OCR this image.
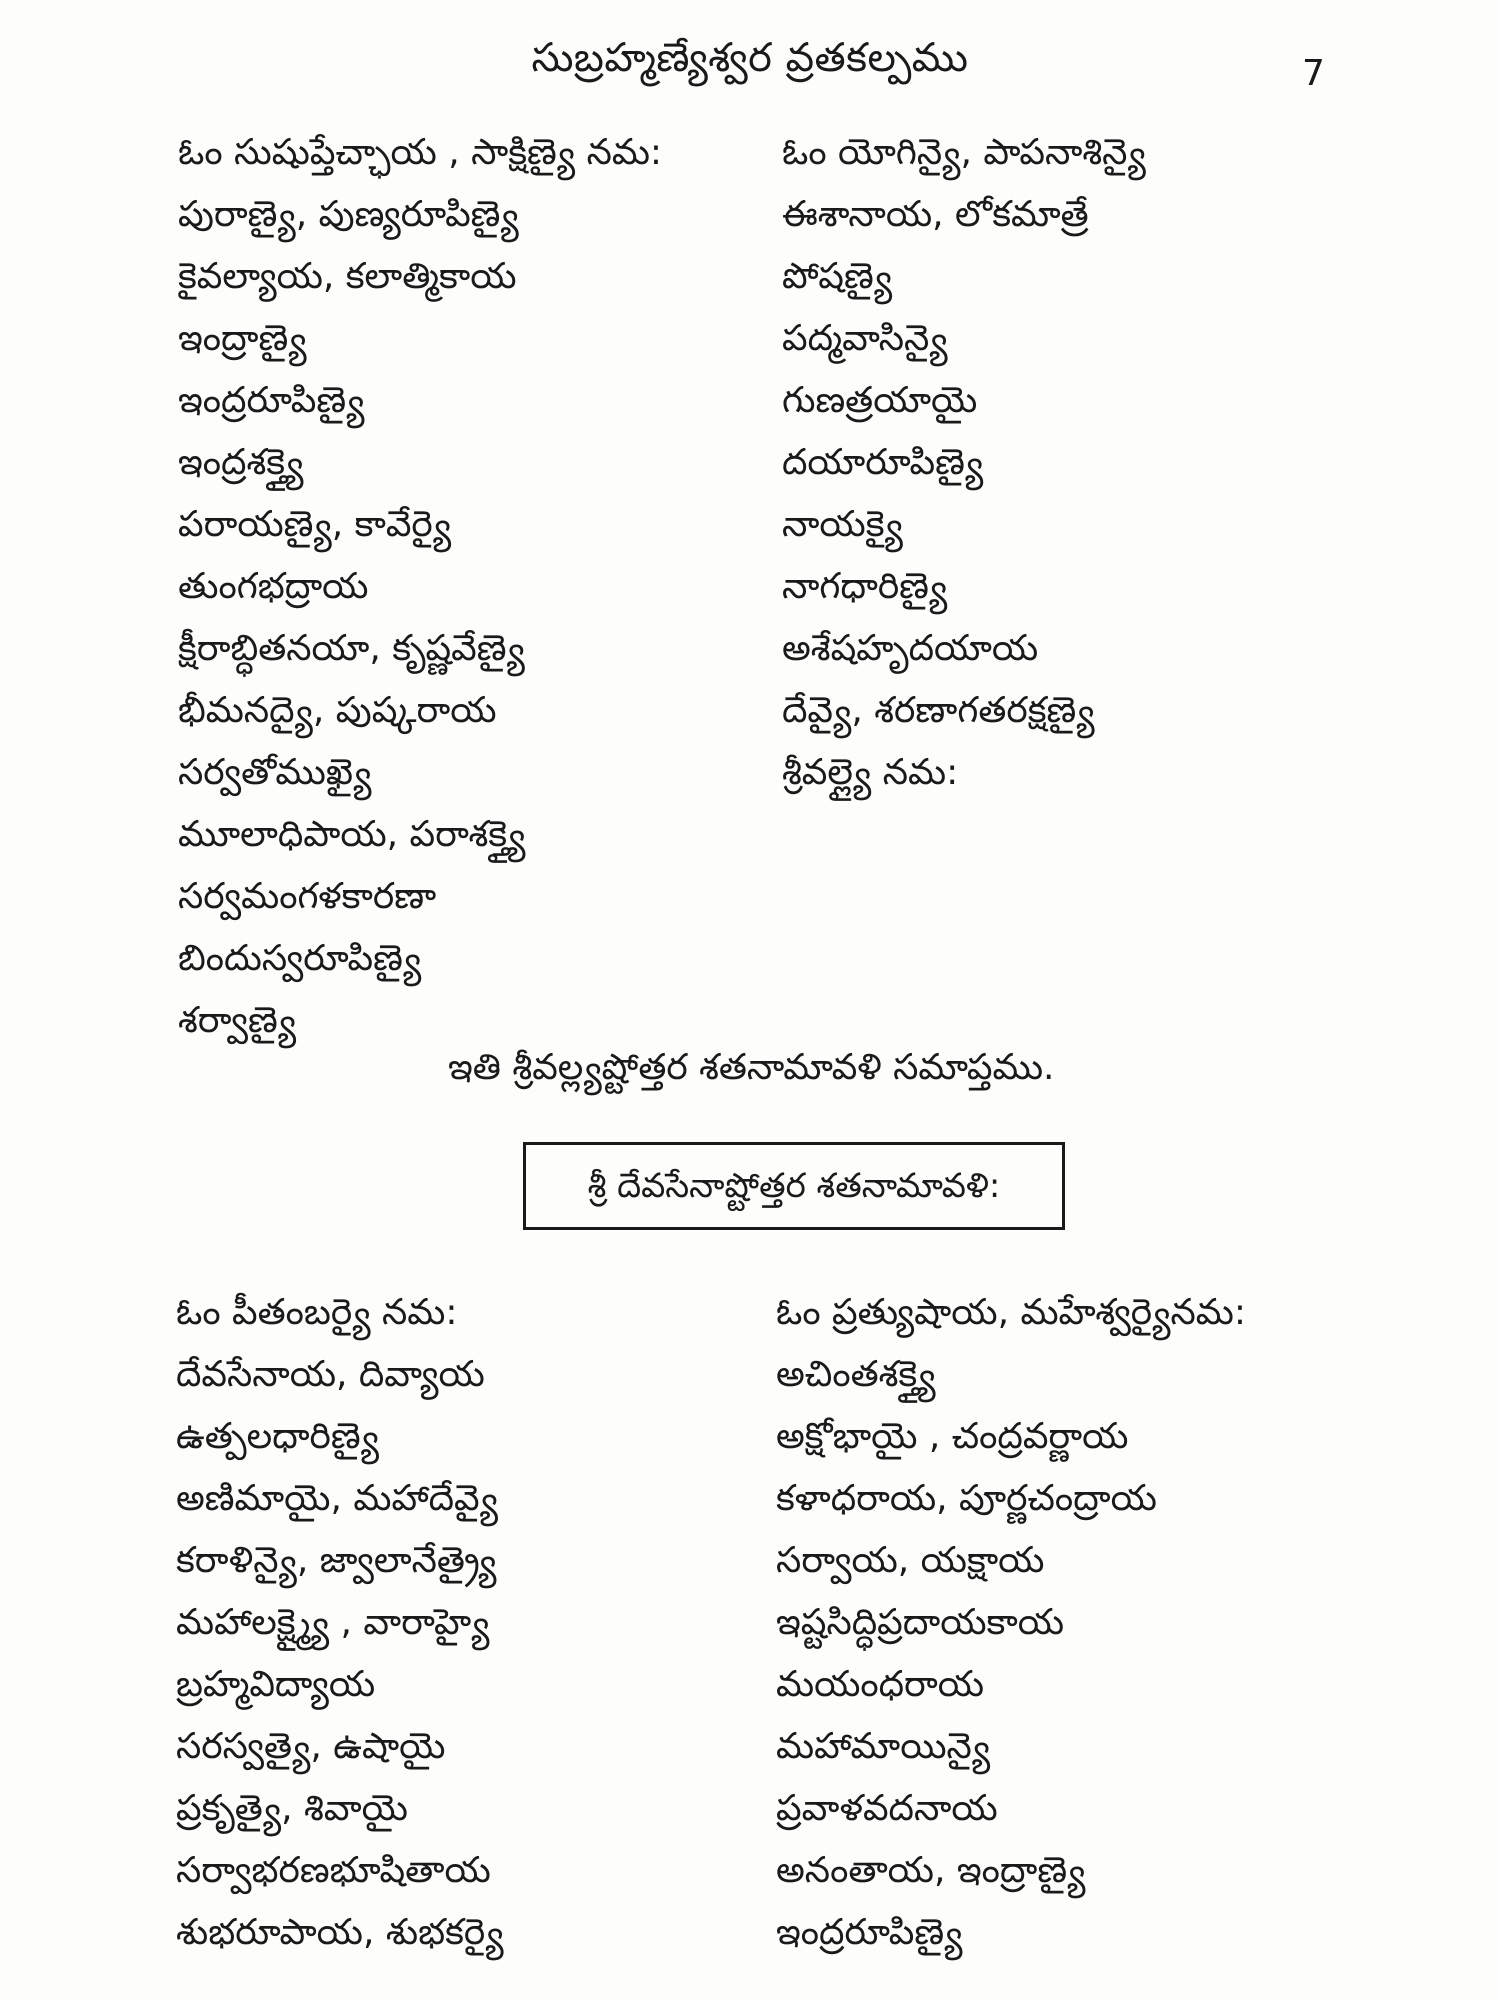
సుబ్రహ్మణ్యేశ్వర వ్రతకల్పము	7
ఓం సుషుప్తేచ్ఛాయ , సాక్షిణ్యై నమ:
పురాణ్యై, పుణ్యరూపిణ్యై
కైవల్యాయ, కలాత్మికాయ
ఇంద్రాణ్యై
ఇంద్రరూపిణ్యై
ఇంద్రశక్త్యై
పరాయణ్యై, కావేర్యై
తుంగభద్రాయ
క్షీరాబ్ధితనయా, కృష్ణవేణ్యై
భీమనద్యై, పుష్కరాయ
సర్వతోముఖ్యై
మూలాధిపాయ, పరాశక్త్యై
సర్వమంగళకారణా
బిందుస్వరూపిణ్యై
శర్వాణ్యై
ఓం యోగిన్యై, పాపనాశిన్యై
ఈశానాయ, లోకమాత్రే
పోషణ్యై
పద్మవాసిన్యై
గుణత్రయాయై
దయారూపిణ్యై
నాయక్యై
నాగధారిణ్యై
అశేషహృదయాయ
దేవ్యై, శరణాగతరక్షణ్యై
శ్రీవల్ల్యై నమ:
ఇతి శ్రీవల్ల్యష్టోత్తర శతనామావళి సమాప్తము.
శ్రీ దేవసేనాష్టోత్తర శతనామావళి:
ఓం పీతంబర్యై నమ:
దేవసేనాయ, దివ్యాయ
ఉత్పలధారిణ్యై
అణిమాయై, మహాదేవ్యై
కరాళిన్యై, జ్వాలానేత్ర్యై
మహాలక్ష్మ్యై , వారాహ్యై
బ్రహ్మవిద్యాయ
సరస్వత్యై, ఉషాయై
ప్రకృత్యై, శివాయై
సర్వాభరణభూషితాయ
శుభరూపాయ, శుభకర్యై
ఓం ప్రత్యుషాయ, మహేశ్వర్యైనమ:
అచింతశక్త్యై
అక్షోభాయై , చంద్రవర్ణాయ
కళాధరాయ, పూర్ణచంద్రాయ
సర్వాయ, యక్షాయ
ఇష్టసిద్ధిప్రదాయకాయ
మయంధరాయ
మహామాయిన్యై
ప్రవాళవదనాయ
అనంతాయ, ఇంద్రాణ్యై
ఇంద్రరూపిణ్యై
